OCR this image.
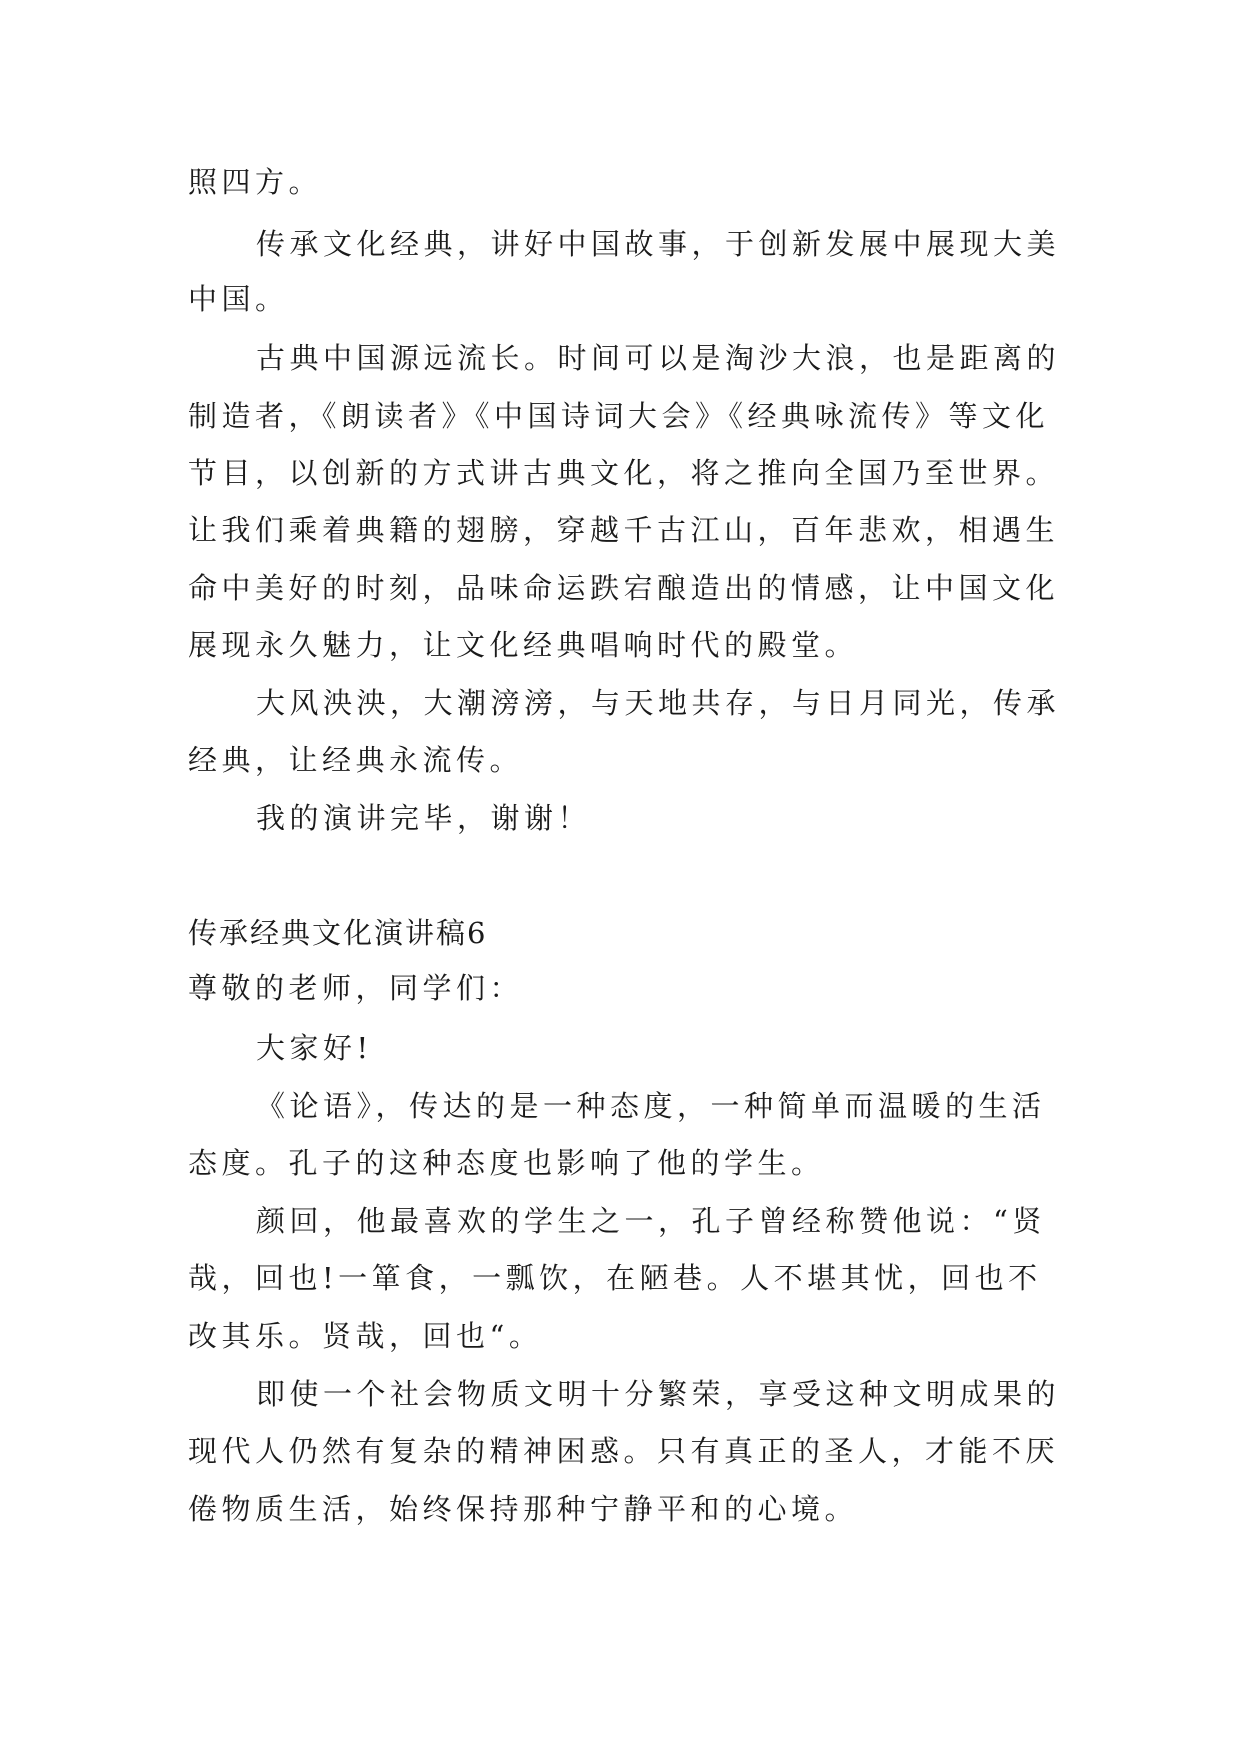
照四方。
传承文化经典，讲好中国故事，于创新发展中展现大美
中国。
古典中国源远流长。时间可以是淘沙大浪，也是距离的
制造者，《朗读者》《中国诗词大会》《经典咏流传》等文化
节目，以创新的方式讲古典文化，将之推向全国乃至世界。
让我们乘着典籍的翅膀，穿越千古江山，百年悲欢，相遇生
命中美好的时刻，品味命运跌宕酿造出的情感，让中国文化
展现永久魅力，让文化经典唱响时代的殿堂。
大风泱泱，大潮滂滂，与天地共存，与日月同光，传承
经典，让经典永流传。
我的演讲完毕，谢谢！
传承经典文化演讲稿6
尊敬的老师，同学们：
大家好!
《论语》，传达的是一种态度，一种简单而温暖的生活
态度。孔子的这种态度也影响了他的学生。
颜回，他最喜欢的学生之一，孔子曾经称赞他说：“贤
哉，回也!一箪食，一瓢饮，在陋巷。人不堪其忧，回也不
改其乐。贤哉，回也“。
即使一个社会物质文明十分繁荣，享受这种文明成果的
现代人仍然有复杂的精神困惑。只有真正的圣人，才能不厌
倦物质生活，始终保持那种宁静平和的心境。
